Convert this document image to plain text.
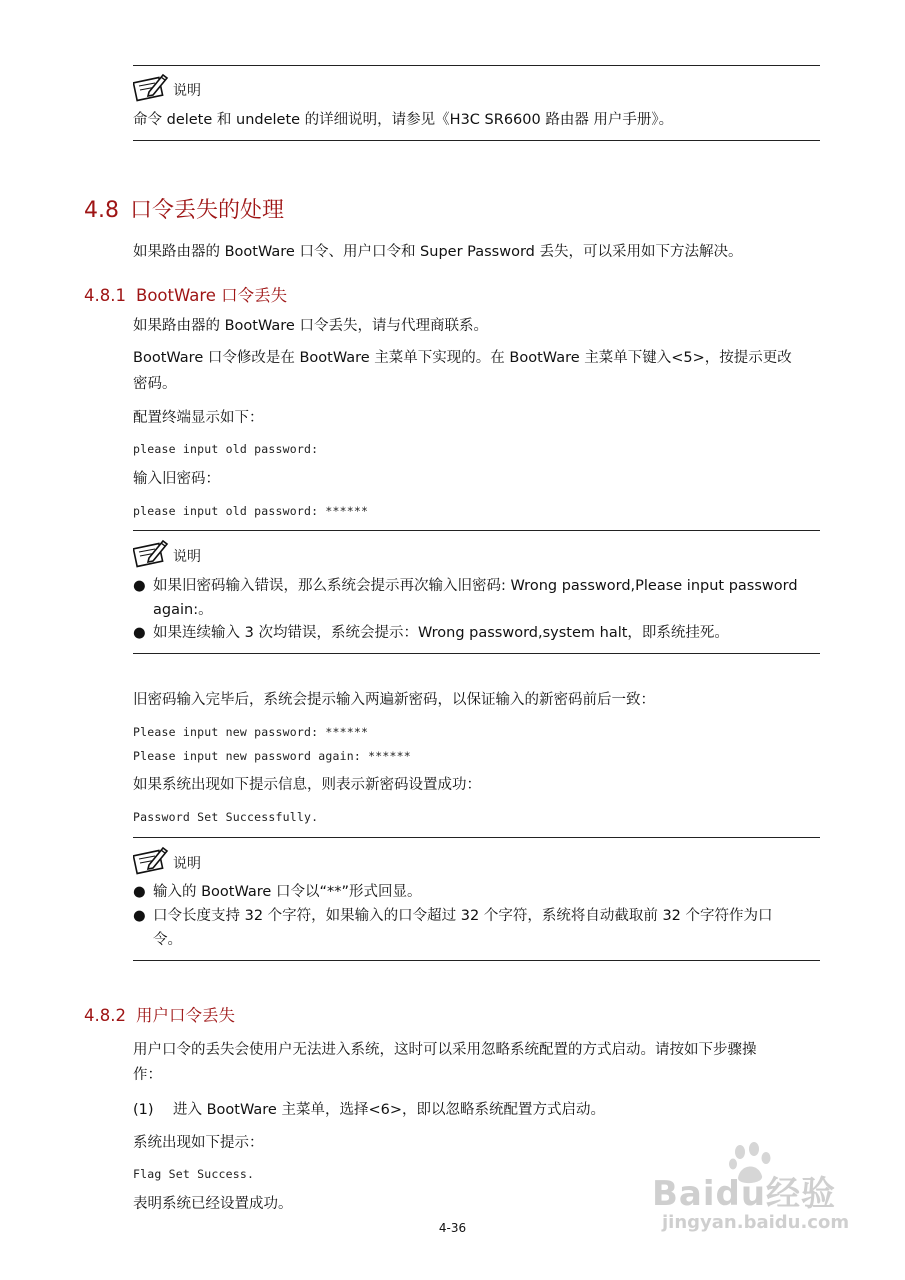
说明
命令 delete 和 undelete 的详细说明，请参见《H3C SR6600 路由器 用户手册》。
4.8 口令丢失的处理
如果路由器的 BootWare 口令、用户口令和 Super Password 丢失，可以采用如下方法解决。
4.8.1 BootWare 口令丢失
如果路由器的 BootWare 口令丢失，请与代理商联系。
BootWare 口令修改是在 BootWare 主菜单下实现的。在 BootWare 主菜单下键入<5>，按提示更改
密码。
配置终端显示如下：
please input old password:
输入旧密码：
please input old password: ******
说明
● 如果旧密码输入错误，那么系统会提示再次输入旧密码: Wrong password,Please input password
again:。
● 如果连续输入 3 次均错误，系统会提示：Wrong password,system halt，即系统挂死。
旧密码输入完毕后，系统会提示输入两遍新密码，以保证输入的新密码前后一致：
Please input new password: ******
Please input new password again: ******
如果系统出现如下提示信息，则表示新密码设置成功：
Password Set Successfully.
说明
● 输入的 BootWare 口令以“**”形式回显。
● 口令长度支持 32 个字符，如果输入的口令超过 32 个字符，系统将自动截取前 32 个字符作为口
令。
4.8.2 用户口令丢失
用户口令的丢失会使用户无法进入系统，这时可以采用忽略系统配置的方式启动。请按如下步骤操
作：
(1) 进入 BootWare 主菜单，选择<6>，即以忽略系统配置方式启动。
系统出现如下提示：
Flag Set Success.
表明系统已经设置成功。
4-36
Baidu经验
jingyan.baidu.com
